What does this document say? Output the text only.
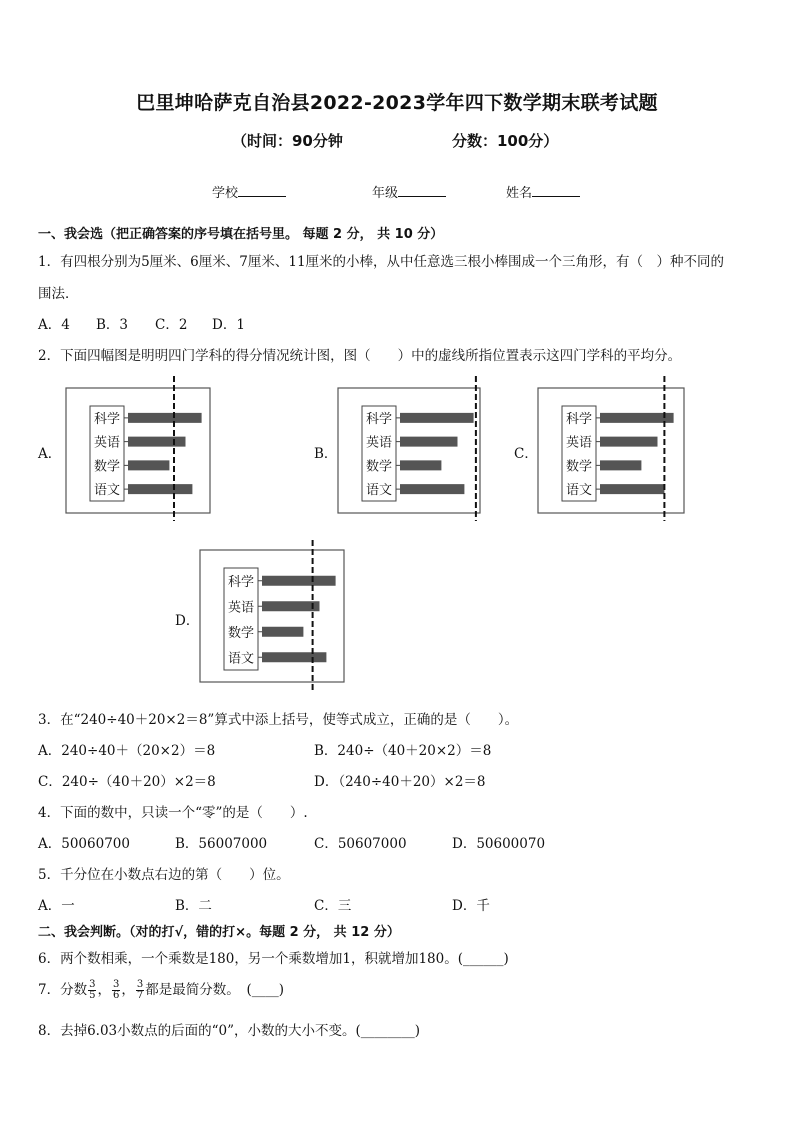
巴里坤哈萨克自治县2022-2023学年四下数学期末联考试题
（时间：90分钟	分数：100分）
学校	年级	姓名
一、我会选（把正确答案的序号填在括号里。 每题 2 分， 共 10 分）
1．有四根分别为5厘米、6厘米、7厘米、11厘米的小棒，从中任意选三根小棒围成一个三角形，有（　）种不同的
围法．
A．4 B．3 C．2 D．1
2．下面四幅图是明明四门学科的得分情况统计图，图（　　）中的虚线所指位置表示这四门学科的平均分。
A．	B．	C．
D．
科学
英语
数学
语文
科学
英语
数学
语文
科学
英语
数学
语文
科学
英语
数学
语文
3．在“240÷40＋20×2＝8”算式中添上括号，使等式成立，正确的是（　　）。
A．240÷40＋（20×2）＝8	B．240÷（40＋20×2）＝8
C．240÷（40＋20）×2＝8	D．（240÷40＋20）×2＝8
4．下面的数中，只读一个“零”的是（　　）.
A．50060700	B．56007000	C．50607000	D．50600070
5．千分位在小数点右边的第（　　）位。
A．一	B．二	C．三	D．千
二、我会判断。（对的打√，错的打×。每题 2 分， 共 12 分）
6．两个数相乘，一个乘数是180，另一个乘数增加1，积就增加180。(______)
7．分数 $\frac{3}{5}$ ， $\frac{3}{6}$ ， $\frac{3}{7}$ 都是最简分数。　(____)
8．去掉6.03小数点的后面的“0”，小数的大小不变。(________)
